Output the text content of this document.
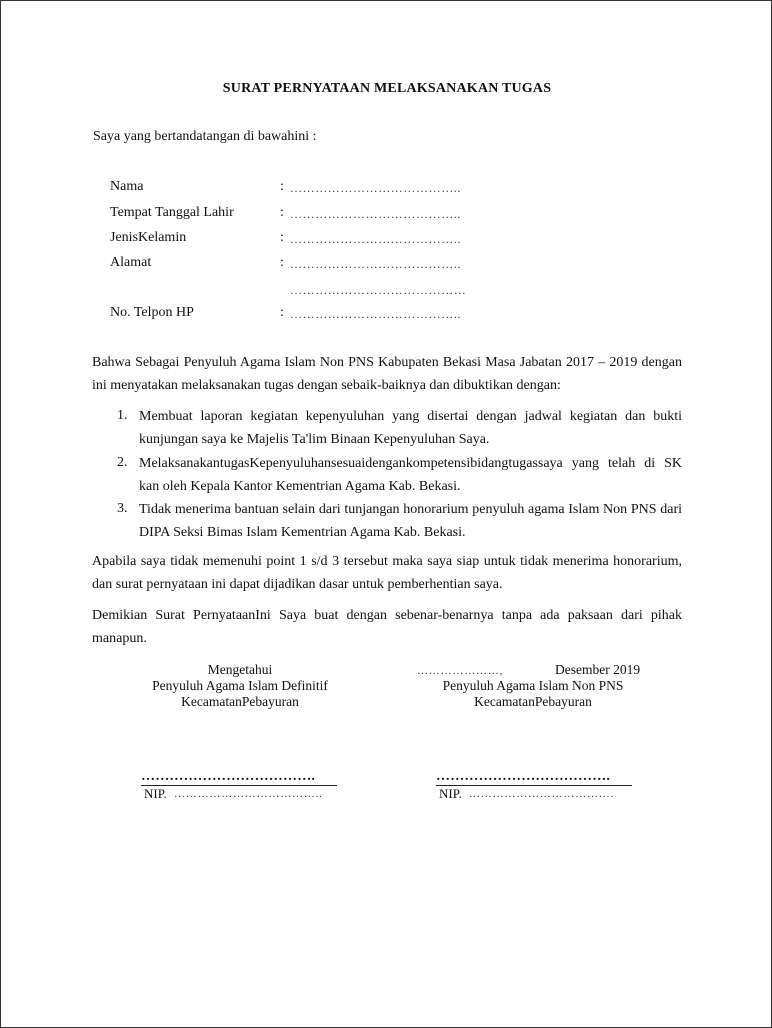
SURAT PERNYATAAN MELAKSANAKAN TUGAS
Saya yang bertandatangan di bawahini :
Nama	: …………………………………..
Tempat Tanggal Lahir	: …………………………………..
JenisKelamin	: …………………………………..
Alamat	: …………………………………..
……………………………………
No. Telpon HP	: …………………………………..
Bahwa Sebagai Penyuluh Agama Islam Non PNS Kabupaten Bekasi Masa Jabatan 2017 – 2019 dengan ini menyatakan melaksanakan tugas dengan sebaik-baiknya dan dibuktikan dengan:
1. Membuat laporan kegiatan kepenyuluhan yang disertai dengan jadwal kegiatan dan bukti kunjungan saya ke Majelis Ta'lim Binaan Kepenyuluhan Saya.
2. MelaksanakantugasKepenyuluhansesuaidengankompetensibidangtugassaya yang telah di SK kan oleh Kepala Kantor Kementrian Agama Kab. Bekasi.
3. Tidak menerima bantuan selain dari tunjangan honorarium penyuluh agama Islam Non PNS dari DIPA Seksi Bimas Islam Kementrian Agama Kab. Bekasi.
Apabila saya tidak memenuhi point 1 s/d 3 tersebut maka saya siap untuk tidak menerima honorarium, dan surat pernyataan ini dapat dijadikan dasar untuk pemberhentian saya.
Demikian Surat PernyataanIni Saya buat dengan sebenar-benarnya tanpa ada paksaan dari pihak manapun.
Mengetahui
Penyuluh Agama Islam Definitif
KecamatanPebayuran
……………………………….
NIP. ………………………………..
…………………,	Desember 2019
Penyuluh Agama Islam Non PNS
KecamatanPebayuran
……………………………….
NIP. ……………………………….
